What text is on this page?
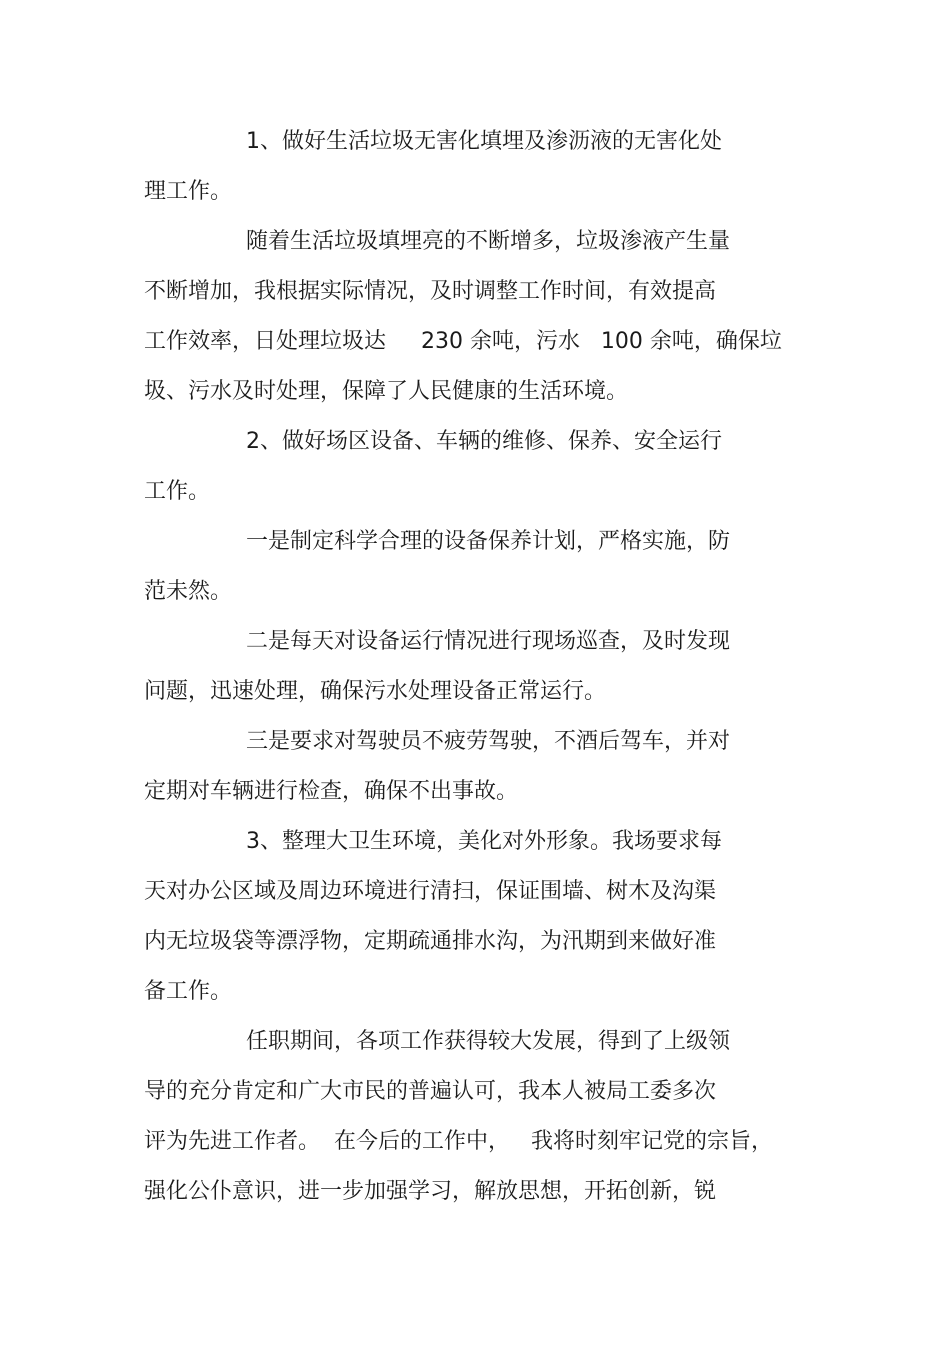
1、做好生活垃圾无害化填埋及渗沥液的无害化处
理工作。
随着生活垃圾填埋亮的不断增多，垃圾渗液产生量
不断增加，我根据实际情况，及时调整工作时间，有效提高
工作效率，日处理垃圾达     230 余吨，污水   100 余吨，确保垃
圾、污水及时处理，保障了人民健康的生活环境。
2、做好场区设备、车辆的维修、保养、安全运行
工作。
一是制定科学合理的设备保养计划，严格实施，防
范未然。
二是每天对设备运行情况进行现场巡查，及时发现
问题，迅速处理，确保污水处理设备正常运行。
三是要求对驾驶员不疲劳驾驶，不酒后驾车，并对
定期对车辆进行检查，确保不出事故。
3、整理大卫生环境，美化对外形象。我场要求每
天对办公区域及周边环境进行清扫，保证围墙、树木及沟渠
内无垃圾袋等漂浮物，定期疏通排水沟，为汛期到来做好准
备工作。
任职期间，各项工作获得较大发展，得到了上级领
导的充分肯定和广大市民的普遍认可，我本人被局工委多次
评为先进工作者。  在今后的工作中，   我将时刻牢记党的宗旨，
强化公仆意识，进一步加强学习，解放思想，开拓创新，锐
